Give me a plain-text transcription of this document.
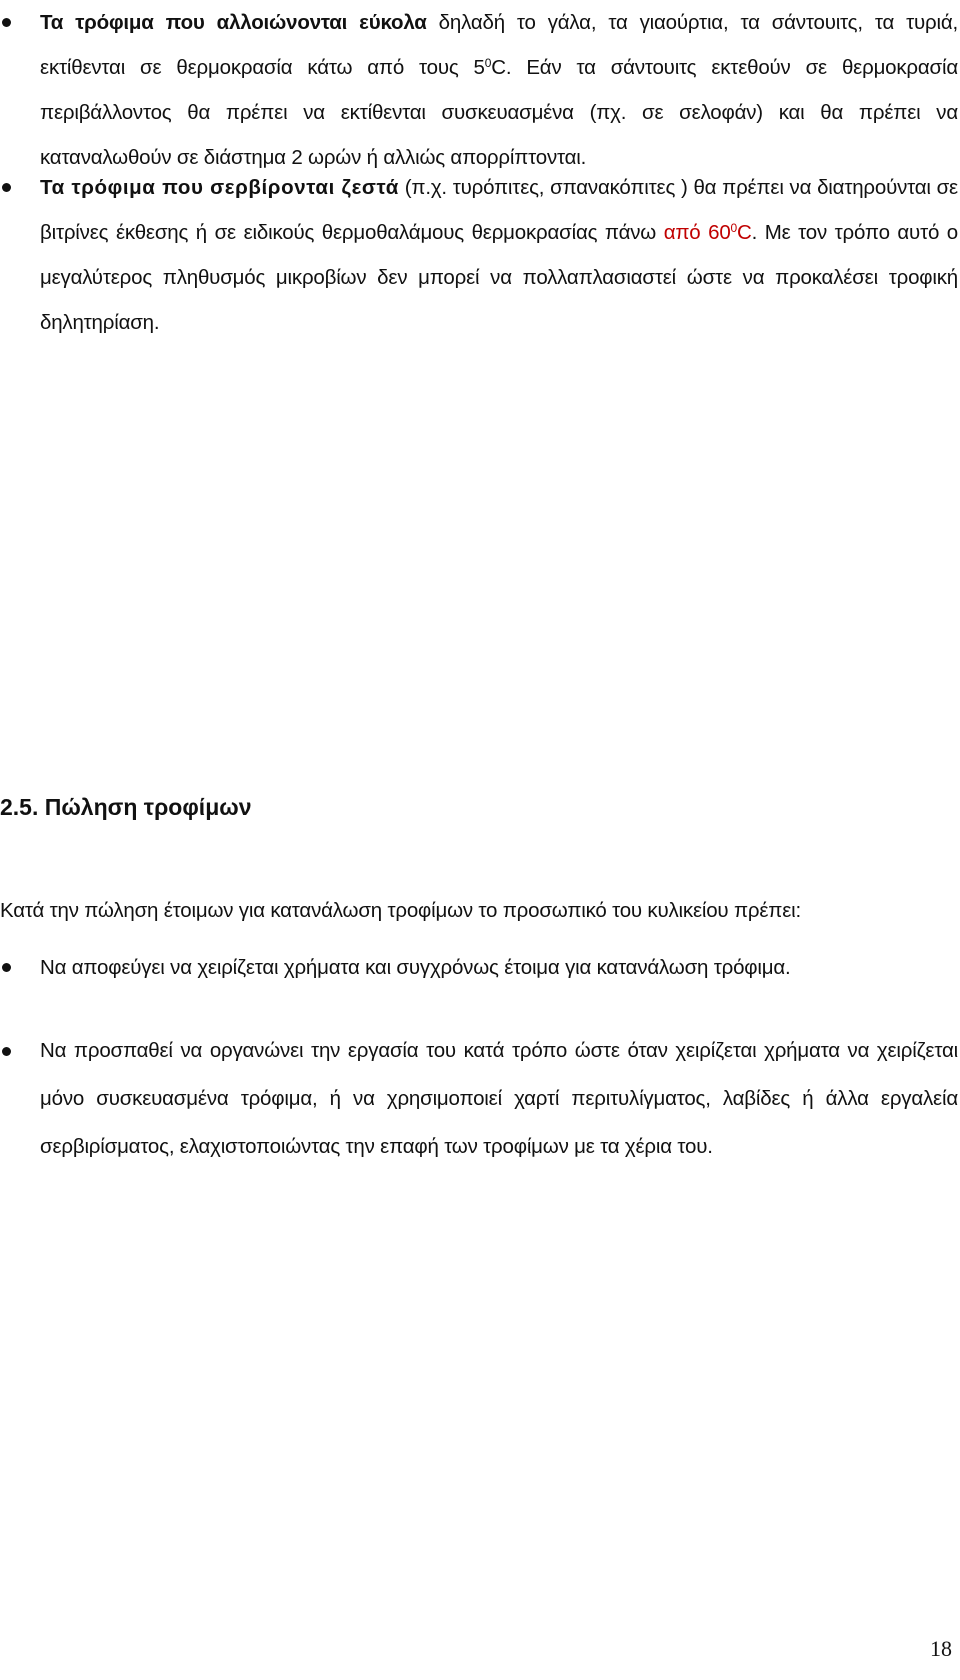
Τα τρόφιμα που αλλοιώνονται εύκολα δηλαδή το γάλα, τα γιαούρτια, τα σάντουιτς, τα τυριά, εκτίθενται σε θερμοκρασία κάτω από τους $5^0C$. Εάν τα σάντουιτς εκτεθούν σε θερμοκρασία περιβάλλοντος θα πρέπει να εκτίθενται συσκευασμένα (πχ. σε σελοφάν) και θα πρέπει να καταναλωθούν σε διάστημα 2 ωρών ή αλλιώς απορρίπτονται.
Τα τρόφιμα που σερβίρονται ζεστά (π.χ. τυρόπιτες, σπανακόπιτες ) θα πρέπει να διατηρούνται σε βιτρίνες έκθεσης ή σε ειδικούς θερμοθαλάμους θερμοκρασίας πάνω από $60^0C$. Με τον τρόπο αυτό ο μεγαλύτερος πληθυσμός μικροβίων δεν μπορεί να πολλαπλασιαστεί ώστε να προκαλέσει τροφική δηλητηρίαση.
2.5. Πώληση τροφίμων
Κατά την πώληση έτοιμων για κατανάλωση τροφίμων το προσωπικό του κυλικείου πρέπει:
Να αποφεύγει να χειρίζεται χρήματα και συγχρόνως έτοιμα για κατανάλωση τρόφιμα.
Να προσπαθεί να οργανώνει την εργασία του κατά τρόπο ώστε όταν χειρίζεται χρήματα να χειρίζεται μόνο συσκευασμένα τρόφιμα, ή να χρησιμοποιεί χαρτί περιτυλίγματος, λαβίδες ή άλλα εργαλεία σερβιρίσματος, ελαχιστοποιώντας την επαφή των τροφίμων με τα χέρια του.
18
